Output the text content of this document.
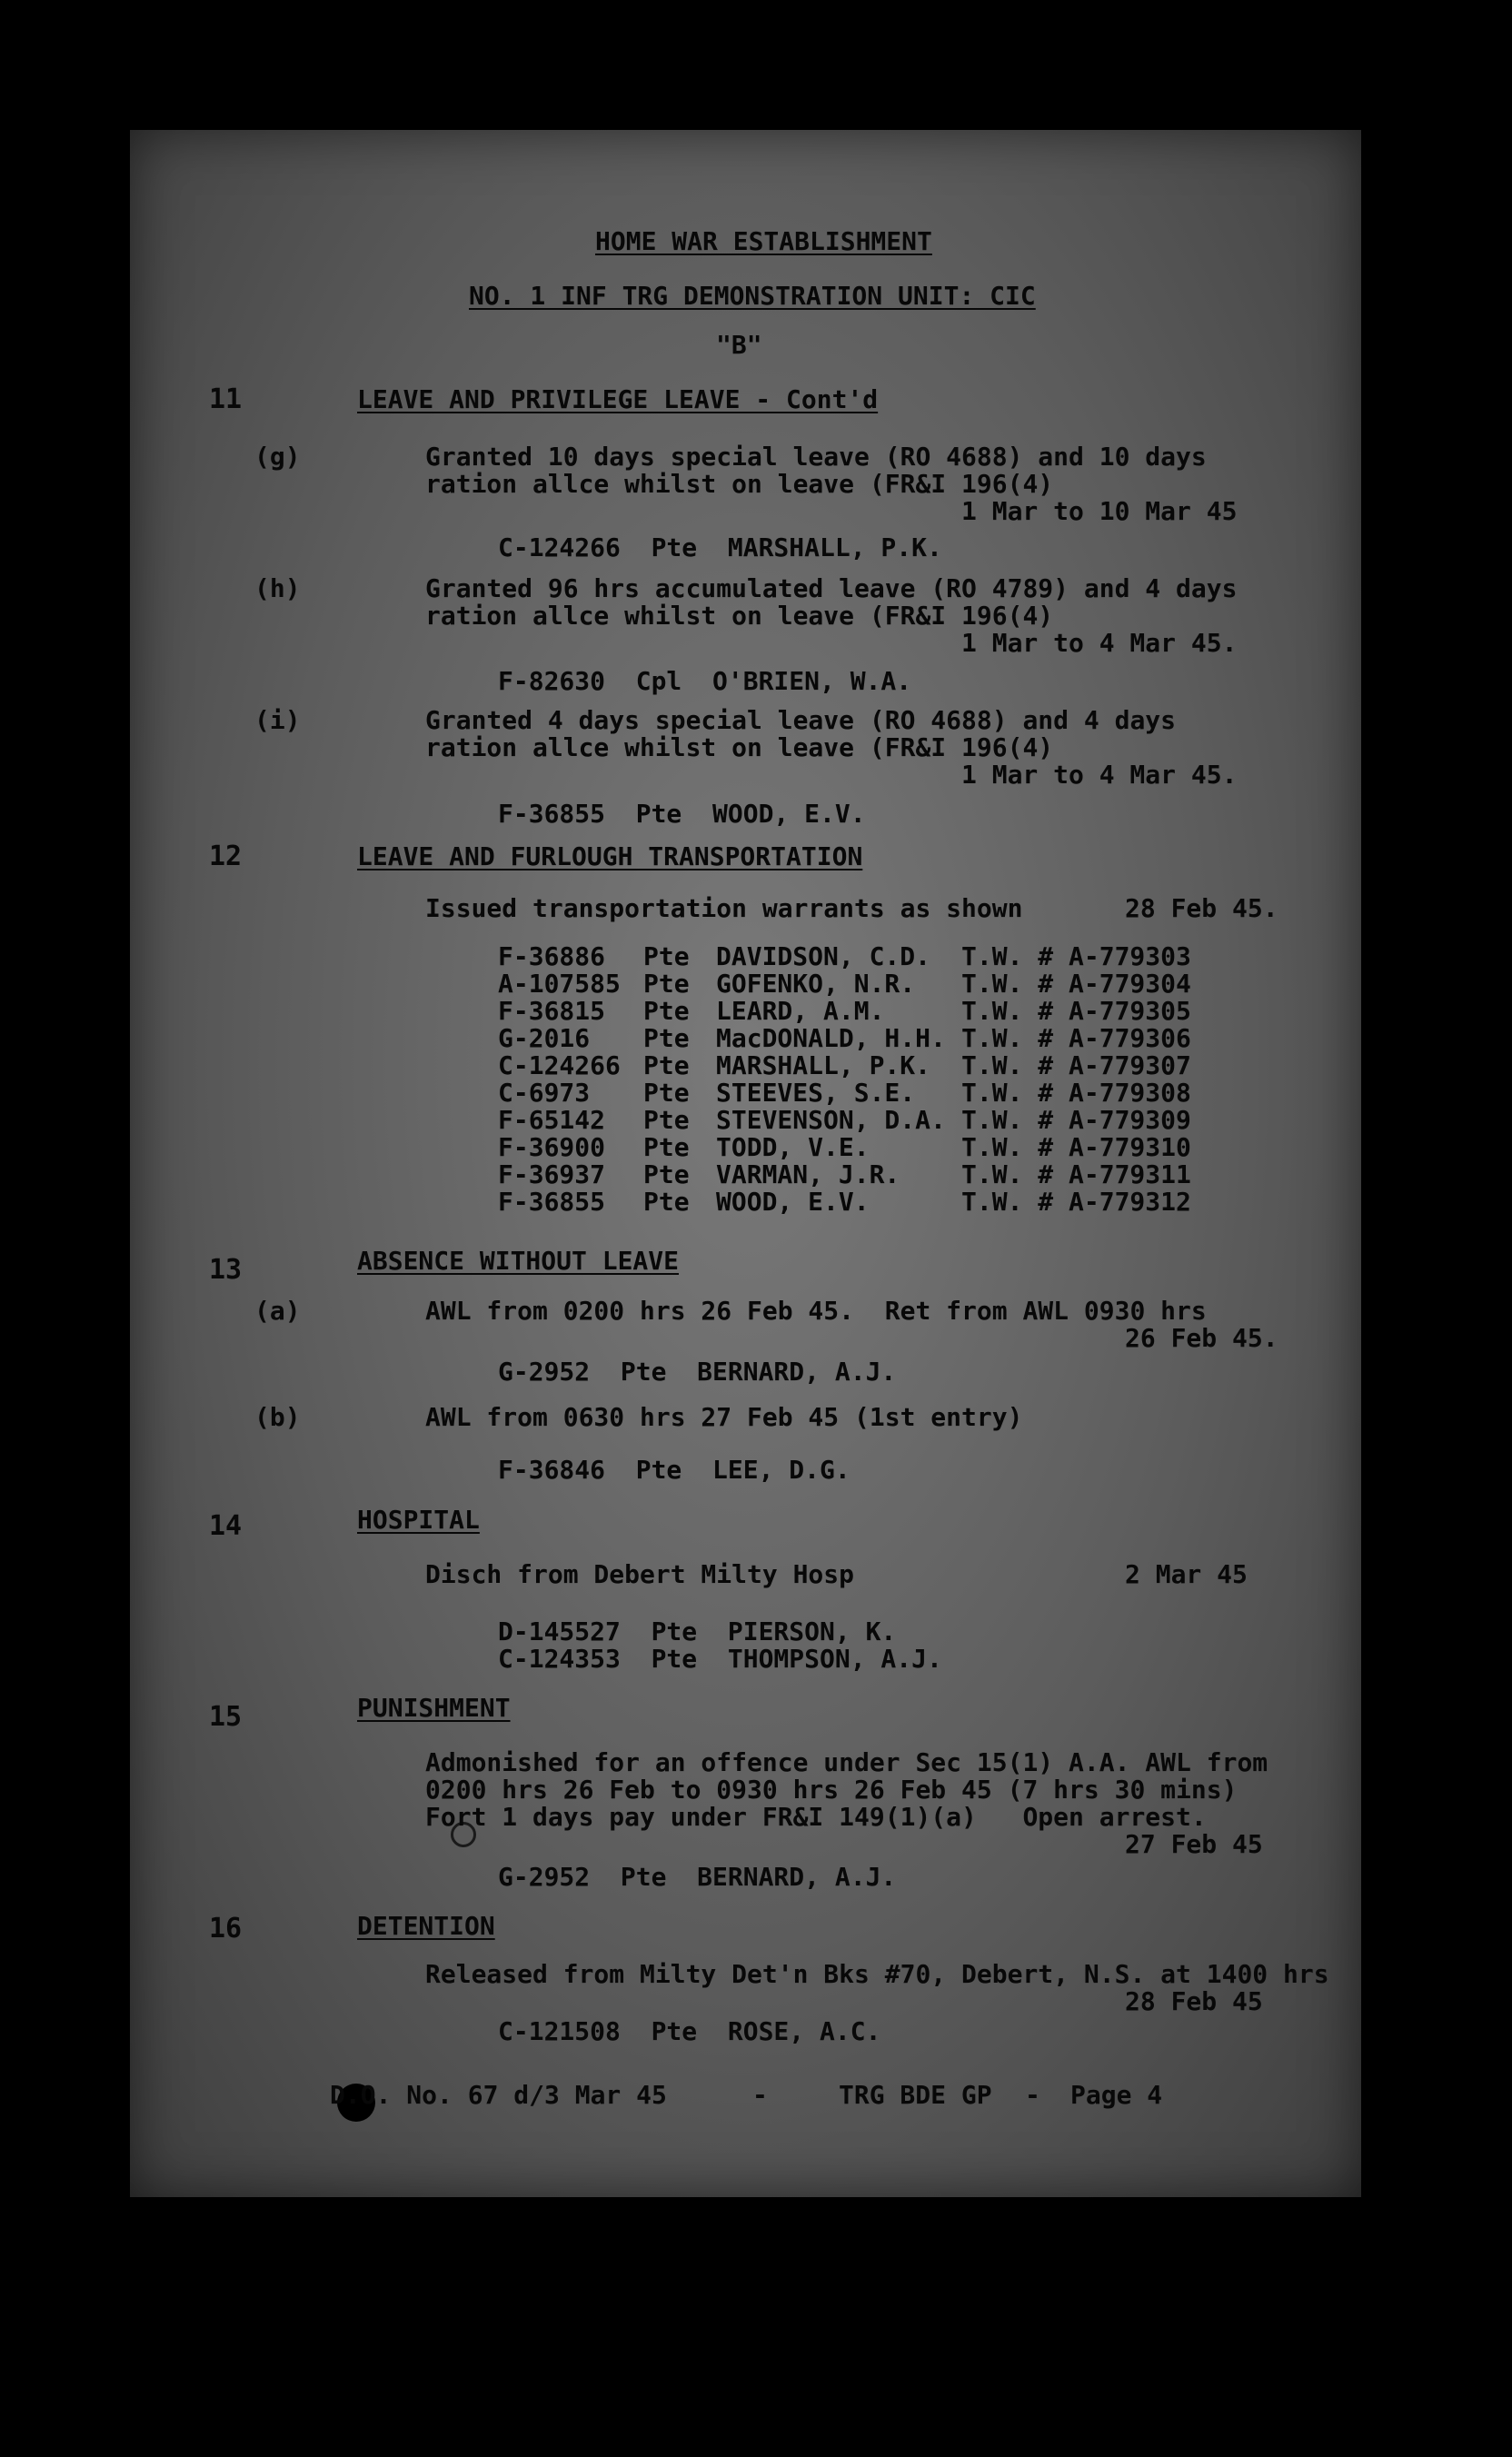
HOME WAR ESTABLISHMENT
NO. 1 INF TRG DEMONSTRATION UNIT: CIC
"B"
11	LEAVE AND PRIVILEGE LEAVE - Cont'd
(g)	Granted 10 days special leave (RO 4688) and 10 days
ration allce whilst on leave (FR&I 196(4)
1 Mar to 10 Mar 45
C-124266  Pte  MARSHALL, P.K.
(h)	Granted 96 hrs accumulated leave (RO 4789) and 4 days
ration allce whilst on leave (FR&I 196(4)
1 Mar to 4 Mar 45.
F-82630  Cpl  O'BRIEN, W.A.
(i)	Granted 4 days special leave (RO 4688) and 4 days
ration allce whilst on leave (FR&I 196(4)
1 Mar to 4 Mar 45.
F-36855  Pte  WOOD, E.V.
12	LEAVE AND FURLOUGH TRANSPORTATION
Issued transportation warrants as shown	28 Feb 45.
F-36886 Pte DAVIDSON, C.D. T.W. # A-779303
A-107585 Pte GOFENKO, N.R. T.W. # A-779304
F-36815 Pte LEARD, A.M.	T.W. # A-779305
G-2016 Pte MacDONALD, H.H. T.W. # A-779306
C-124266 Pte MARSHALL, P.K. T.W. # A-779307
C-6973 Pte STEEVES, S.E. T.W. # A-779308
F-65142 Pte STEVENSON, D.A. T.W. # A-779309
F-36900 Pte TODD, V.E.	T.W. # A-779310
F-36937 Pte VARMAN, J.R. T.W. # A-779311
F-36855 Pte WOOD, E.V.	T.W. # A-779312
13	ABSENCE WITHOUT LEAVE
(a)	AWL from 0200 hrs 26 Feb 45.  Ret from AWL 0930 hrs
26 Feb 45.
G-2952  Pte  BERNARD, A.J.
(b)	AWL from 0630 hrs 27 Feb 45 (1st entry)
F-36846  Pte  LEE, D.G.
14	HOSPITAL
Disch from Debert Milty Hosp	2 Mar 45
D-145527  Pte  PIERSON, K.
C-124353  Pte  THOMPSON, A.J.
15	PUNISHMENT
Admonished for an offence under Sec 15(1) A.A. AWL from
0200 hrs 26 Feb to 0930 hrs 26 Feb 45 (7 hrs 30 mins)
Fort 1 days pay under FR&I 149(1)(a)   Open arrest.
27 Feb 45
G-2952  Pte  BERNARD, A.J.
16	DETENTION
Released from Milty Det'n Bks #70, Debert, N.S. at 1400 hrs
28 Feb 45
C-121508  Pte  ROSE, A.C.
D.O. No. 67 d/3 Mar 45	-	TRG BDE GP - Page 4
